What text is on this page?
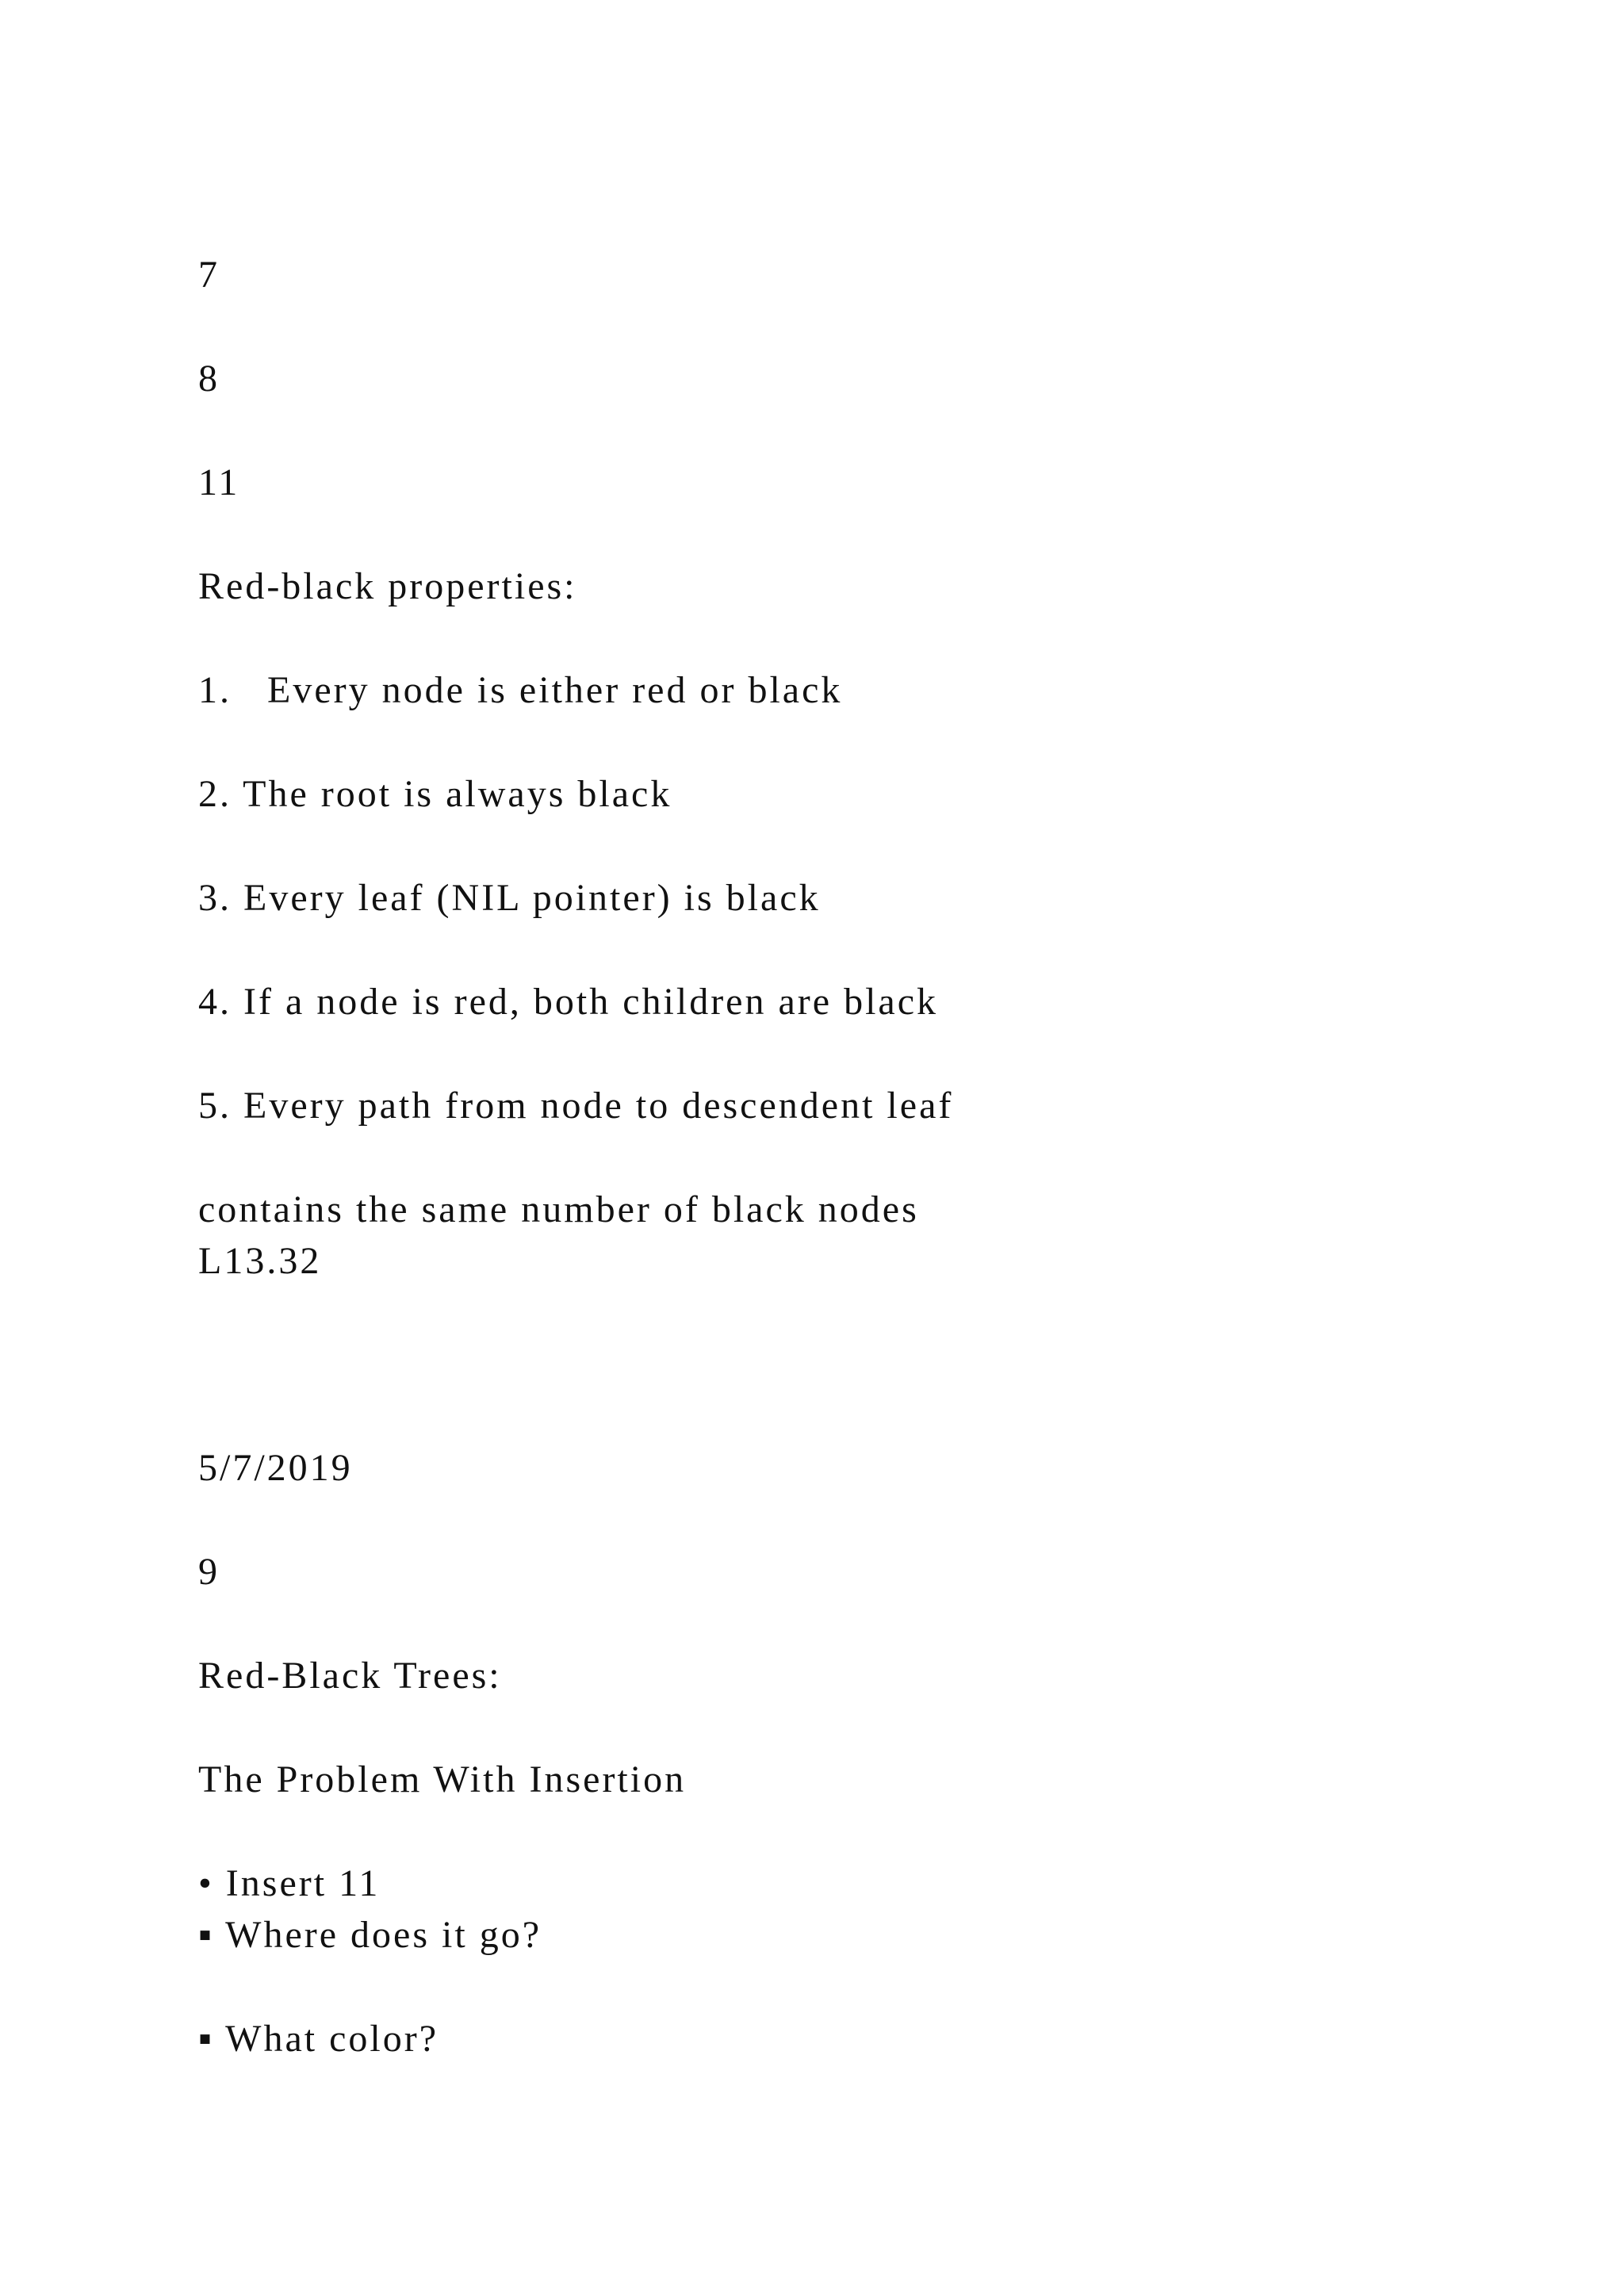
7
8
11
Red-black properties:
1.   Every node is either red or black
2. The root is always black
3. Every leaf (NIL pointer) is black
4. If a node is red, both children are black
5. Every path from node to descendent leaf
contains the same number of black nodes
L13.32
5/7/2019
9
Red-Black Trees:
The Problem With Insertion
• Insert 11
▪ Where does it go?
▪ What color?
